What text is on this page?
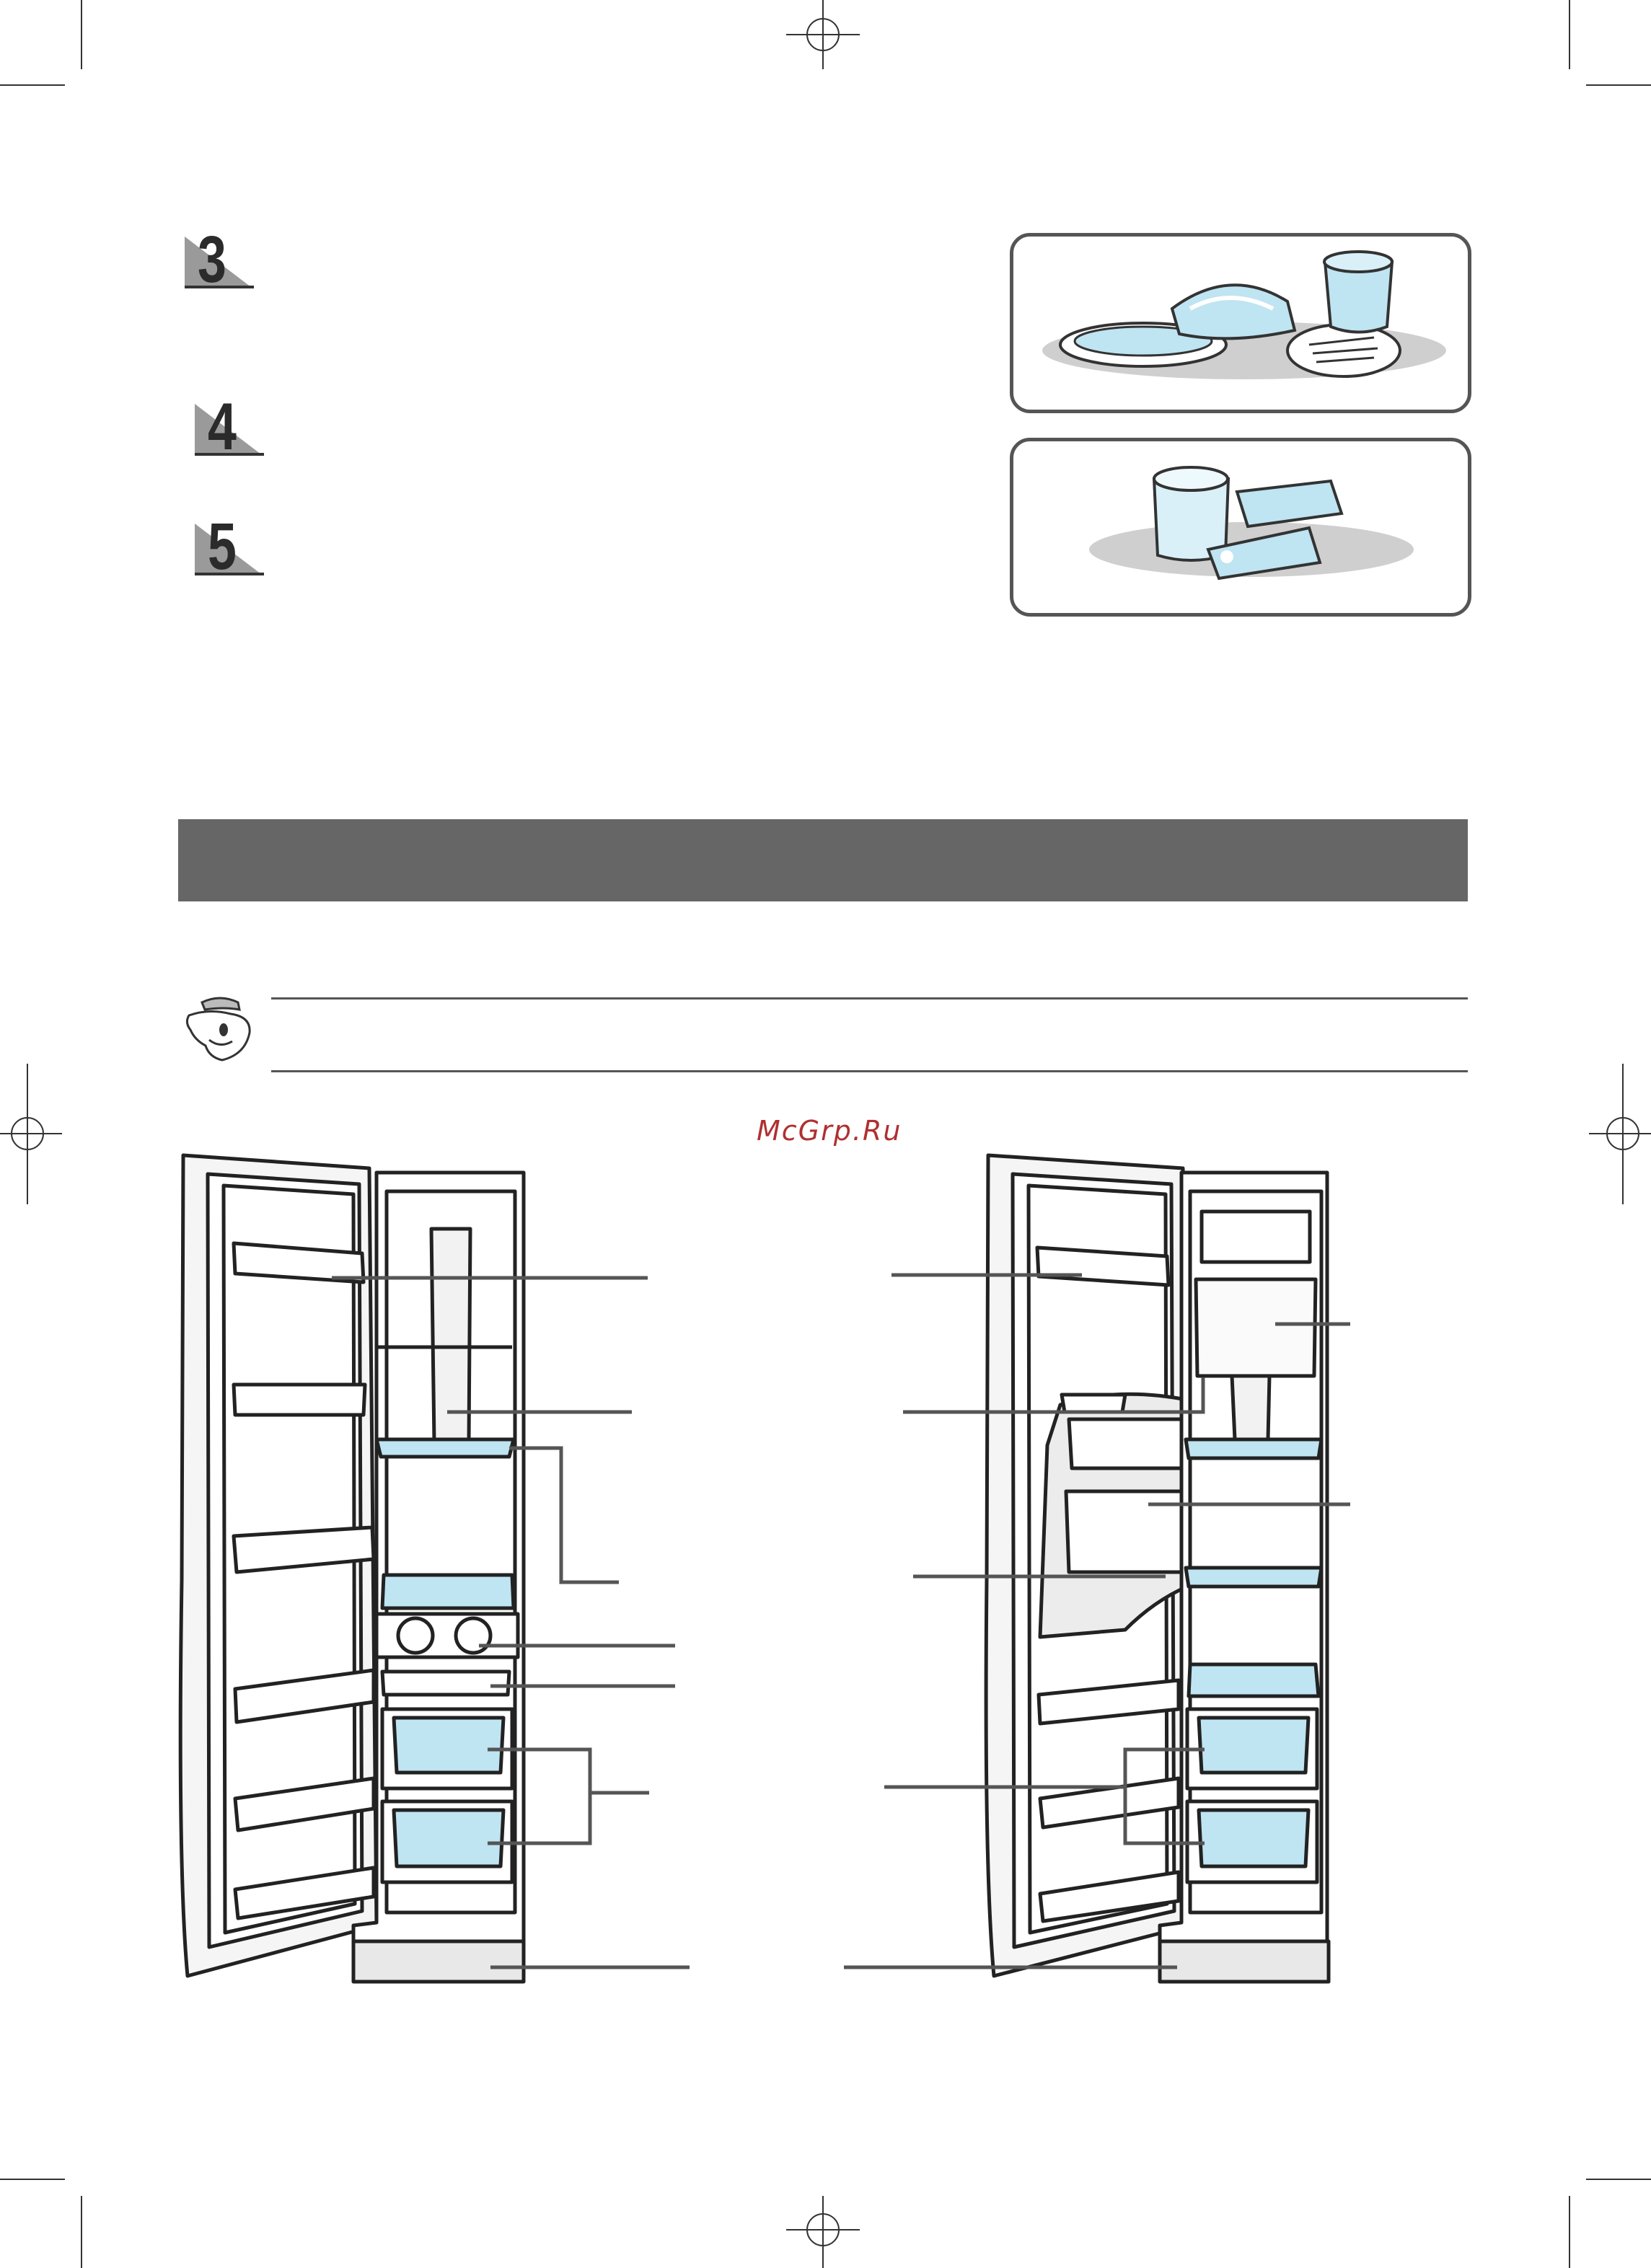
3
4
5
McGrp.Ru
